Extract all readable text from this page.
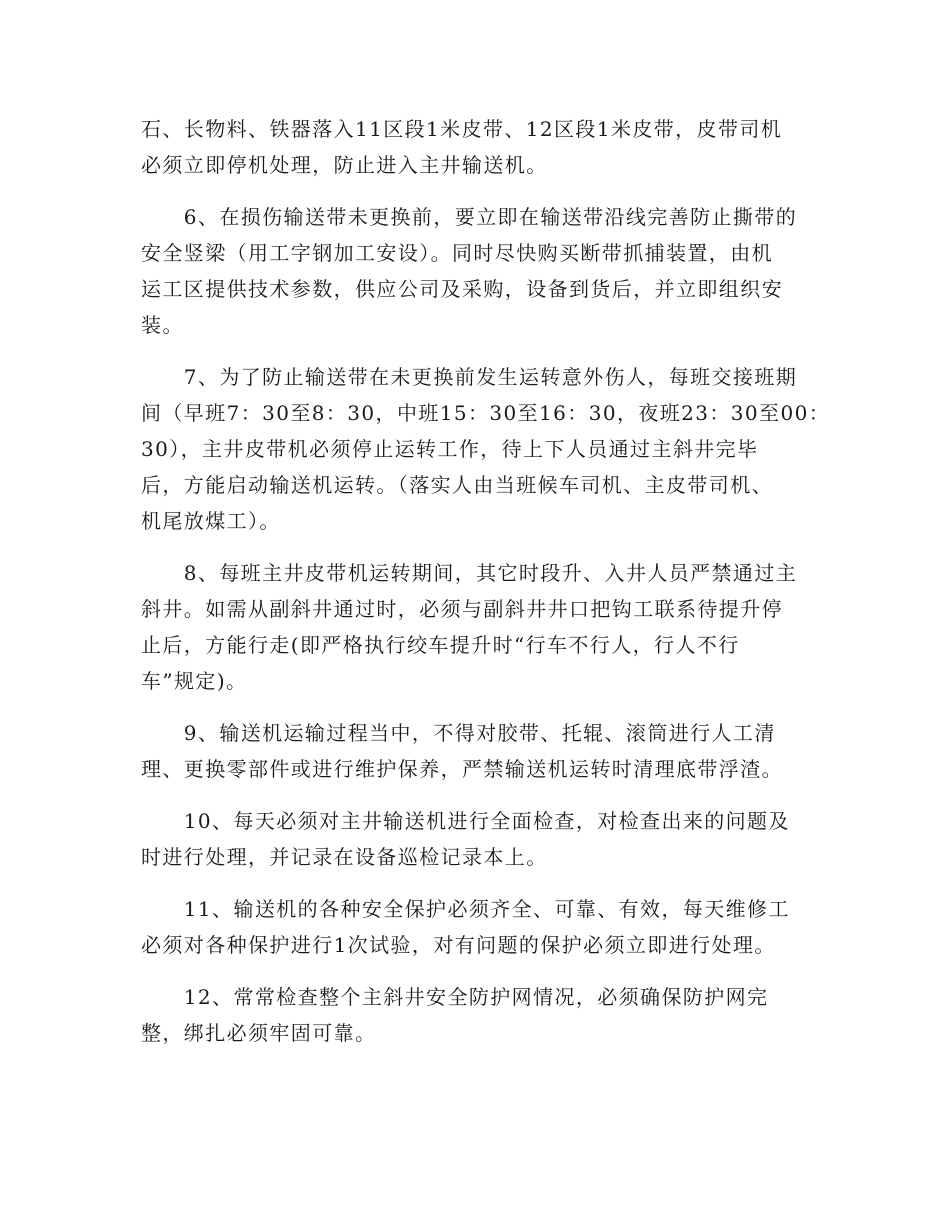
石、长物料、铁器落入11区段1米皮带、12区段1米皮带，皮带司机
必须立即停机处理，防止进入主井输送机。

　　6、在损伤输送带未更换前，要立即在输送带沿线完善防止撕带的
安全竖梁（用工字钢加工安设）。同时尽快购买断带抓捕装置，由机
运工区提供技术参数，供应公司及采购，设备到货后，并立即组织安
装。

　　7、为了防止输送带在未更换前发生运转意外伤人，每班交接班期
间（早班7：30至8：30，中班15：30至16：30，夜班23：30至00：
30），主井皮带机必须停止运转工作，待上下人员通过主斜井完毕
后，方能启动输送机运转。（落实人由当班候车司机、主皮带司机、
机尾放煤工）。

　　8、每班主井皮带机运转期间，其它时段升、入井人员严禁通过主
斜井。如需从副斜井通过时，必须与副斜井井口把钩工联系待提升停
止后，方能行走(即严格执行绞车提升时“行车不行人，行人不行
车”规定)。

　　9、输送机运输过程当中，不得对胶带、托辊、滚筒进行人工清
理、更换零部件或进行维护保养，严禁输送机运转时清理底带浮渣。

　　10、每天必须对主井输送机进行全面检查，对检查出来的问题及
时进行处理，并记录在设备巡检记录本上。

　　11、输送机的各种安全保护必须齐全、可靠、有效，每天维修工
必须对各种保护进行1次试验，对有问题的保护必须立即进行处理。

　　12、常常检查整个主斜井安全防护网情况，必须确保防护网完
整，绑扎必须牢固可靠。
